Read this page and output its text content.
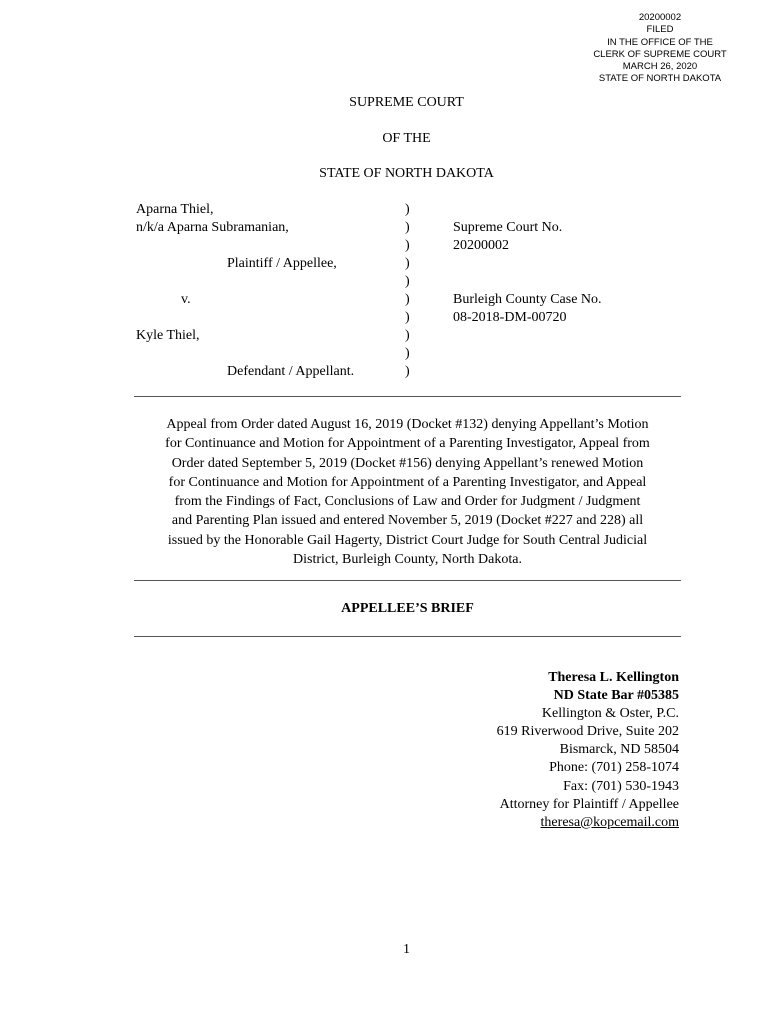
20200002
FILED
IN THE OFFICE OF THE
CLERK OF SUPREME COURT
MARCH 26, 2020
STATE OF NORTH DAKOTA
SUPREME COURT
OF THE
STATE OF NORTH DAKOTA
Aparna Thiel,
n/k/a Aparna Subramanian,
Plaintiff / Appellee,
v.
Kyle Thiel,
Defendant / Appellant.
)
)
)
)
)
)
)
)
)
)
Supreme Court No.
20200002
Burleigh County Case No.
08-2018-DM-00720
Appeal from Order dated August 16, 2019 (Docket #132) denying Appellant’s Motion
for Continuance and Motion for Appointment of a Parenting Investigator, Appeal from
Order dated September 5, 2019 (Docket #156) denying Appellant’s renewed Motion
for Continuance and Motion for Appointment of a Parenting Investigator, and Appeal
from the Findings of Fact, Conclusions of Law and Order for Judgment / Judgment
and Parenting Plan issued and entered November 5, 2019 (Docket #227 and 228) all
issued by the Honorable Gail Hagerty, District Court Judge for South Central Judicial
District, Burleigh County, North Dakota.
APPELLEE’S BRIEF
Theresa L. Kellington
ND State Bar #05385
Kellington & Oster, P.C.
619 Riverwood Drive, Suite 202
Bismarck, ND 58504
Phone: (701) 258-1074
Fax: (701) 530-1943
Attorney for Plaintiff / Appellee
theresa@kopcemail.com
1
